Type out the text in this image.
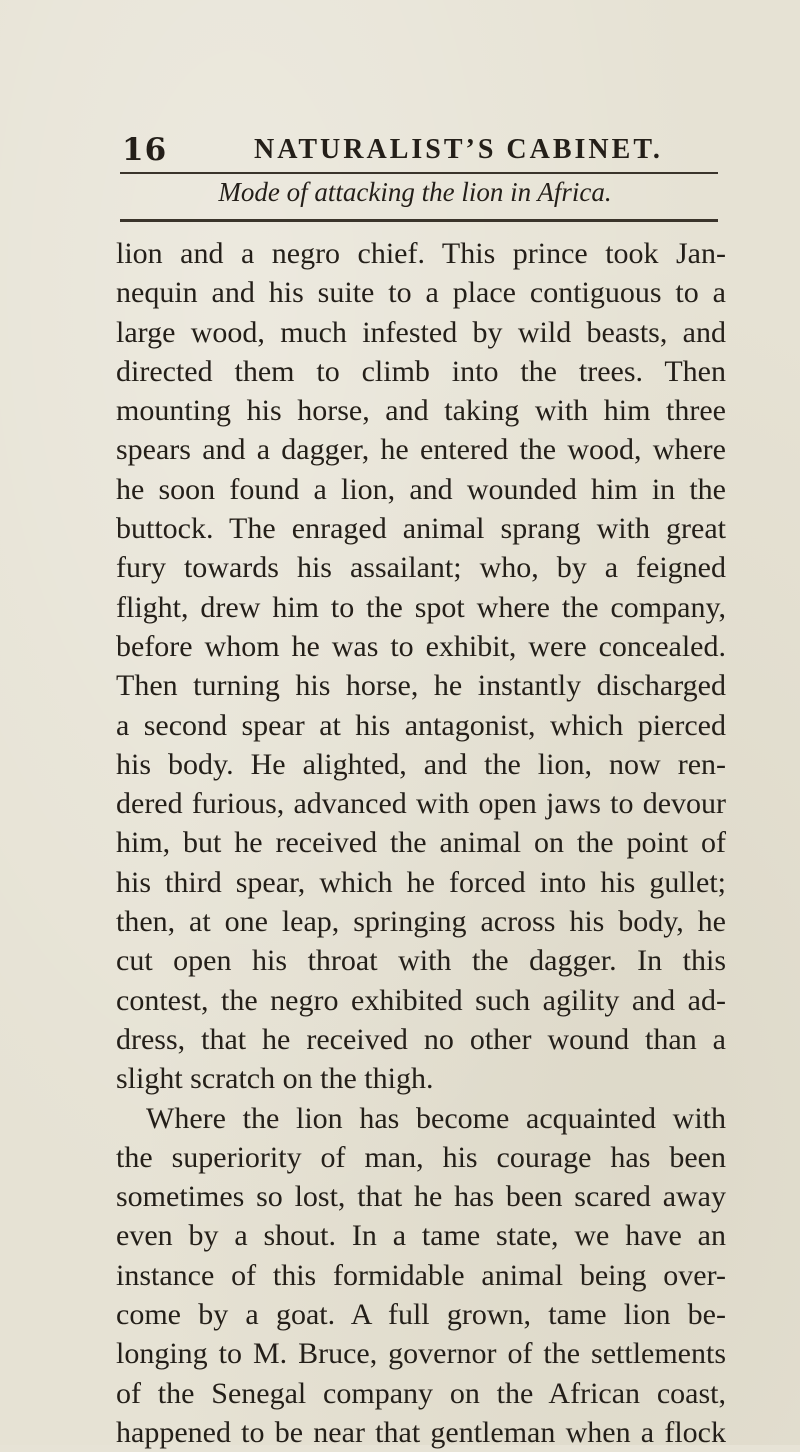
16	NATURALIST’S CABINET.
Mode of attacking the lion in Africa.
lion and a negro chief. This prince took Jan-
nequin and his suite to a place contiguous to a
large wood, much infested by wild beasts, and
directed them to climb into the trees. Then
mounting his horse, and taking with him three
spears and a dagger, he entered the wood, where
he soon found a lion, and wounded him in the
buttock. The enraged animal sprang with great
fury towards his assailant; who, by a feigned
flight, drew him to the spot where the company,
before whom he was to exhibit, were concealed.
Then turning his horse, he instantly discharged
a second spear at his antagonist, which pierced
his body. He alighted, and the lion, now ren-
dered furious, advanced with open jaws to devour
him, but he received the animal on the point of
his third spear, which he forced into his gullet;
then, at one leap, springing across his body, he
cut open his throat with the dagger. In this
contest, the negro exhibited such agility and ad-
dress, that he received no other wound than a
slight scratch on the thigh.
Where the lion has become acquainted with
the superiority of man, his courage has been
sometimes so lost, that he has been scared away
even by a shout. In a tame state, we have an
instance of this formidable animal being over-
come by a goat. A full grown, tame lion be-
longing to M. Bruce, governor of the settlements
of the Senegal company on the African coast,
happened to be near that gentleman when a flock
